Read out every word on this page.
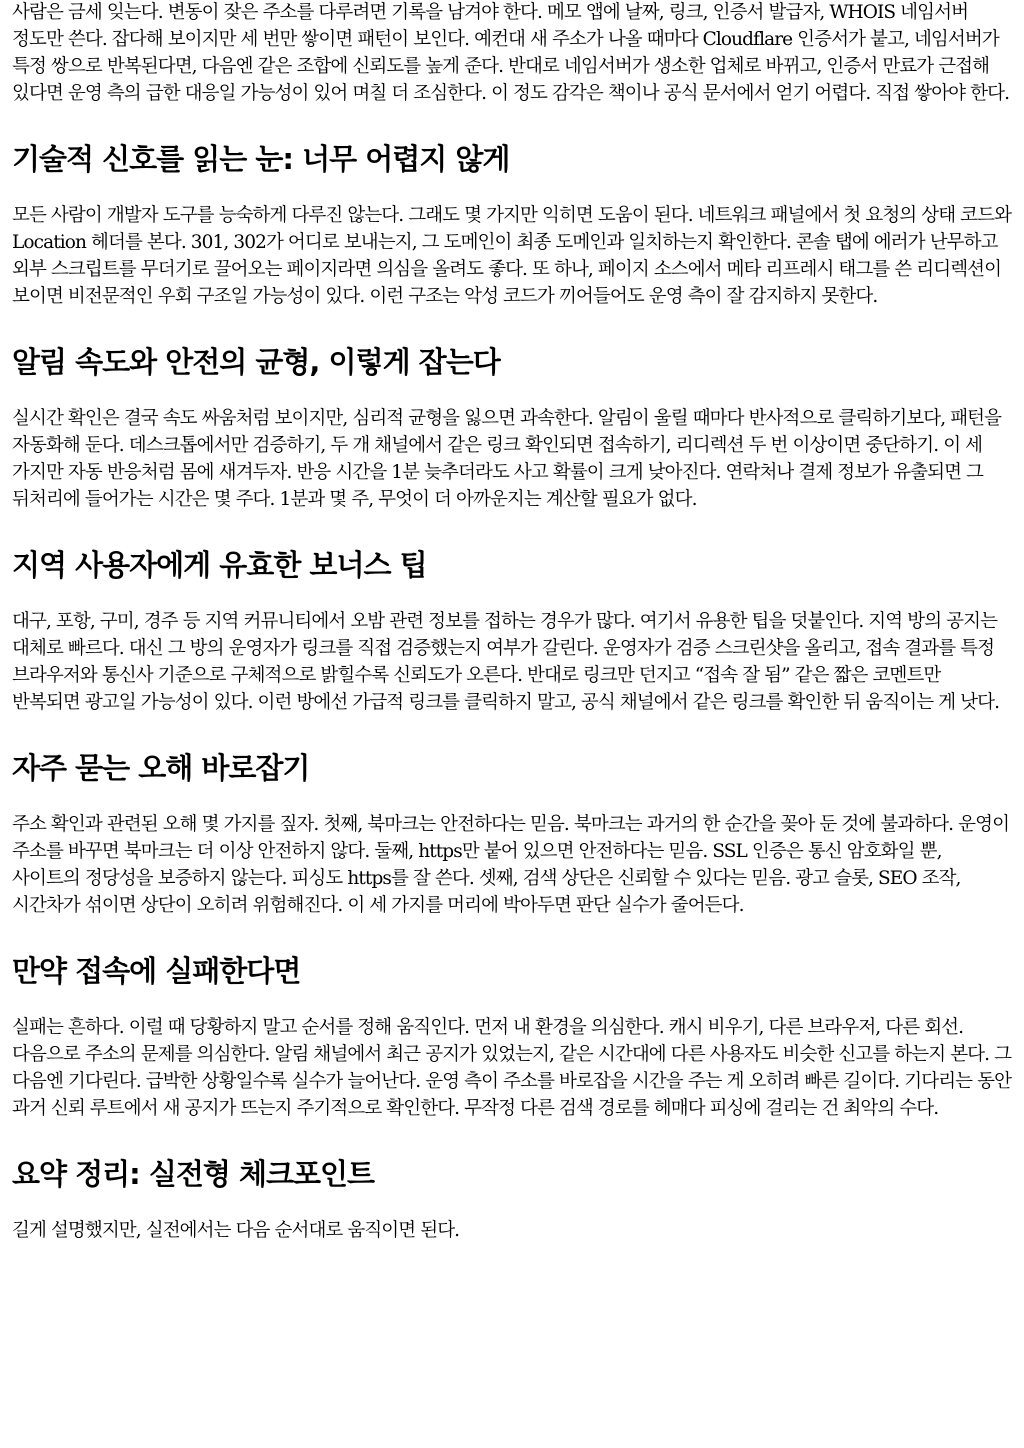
사람은 금세 잊는다. 변동이 잦은 주소를 다루려면 기록을 남겨야 한다. 메모 앱에 날짜, 링크, 인증서 발급자, WHOIS 네임서버 정도만 쓴다. 잡다해 보이지만 세 번만 쌓이면 패턴이 보인다. 예컨대 새 주소가 나올 때마다 Cloudflare 인증서가 붙고, 네임서버가 특정 쌍으로 반복된다면, 다음엔 같은 조합에 신뢰도를 높게 준다. 반대로 네임서버가 생소한 업체로 바뀌고, 인증서 만료가 근접해 있다면 운영 측의 급한 대응일 가능성이 있어 며칠 더 조심한다. 이 정도 감각은 책이나 공식 문서에서 얻기 어렵다. 직접 쌓아야 한다.

기술적 신호를 읽는 눈: 너무 어렵지 않게

모든 사람이 개발자 도구를 능숙하게 다루진 않는다. 그래도 몇 가지만 익히면 도움이 된다. 네트워크 패널에서 첫 요청의 상태 코드와 Location 헤더를 본다. 301, 302가 어디로 보내는지, 그 도메인이 최종 도메인과 일치하는지 확인한다. 콘솔 탭에 에러가 난무하고 외부 스크립트를 무더기로 끌어오는 페이지라면 의심을 올려도 좋다. 또 하나, 페이지 소스에서 메타 리프레시 태그를 쓴 리디렉션이 보이면 비전문적인 우회 구조일 가능성이 있다. 이런 구조는 악성 코드가 끼어들어도 운영 측이 잘 감지하지 못한다.

알림 속도와 안전의 균형, 이렇게 잡는다

실시간 확인은 결국 속도 싸움처럼 보이지만, 심리적 균형을 잃으면 과속한다. 알림이 울릴 때마다 반사적으로 클릭하기보다, 패턴을 자동화해 둔다. 데스크톱에서만 검증하기, 두 개 채널에서 같은 링크 확인되면 접속하기, 리디렉션 두 번 이상이면 중단하기. 이 세 가지만 자동 반응처럼 몸에 새겨두자. 반응 시간을 1분 늦추더라도 사고 확률이 크게 낮아진다. 연락처나 결제 정보가 유출되면 그 뒤처리에 들어가는 시간은 몇 주다. 1분과 몇 주, 무엇이 더 아까운지는 계산할 필요가 없다.

지역 사용자에게 유효한 보너스 팁

대구, 포항, 구미, 경주 등 지역 커뮤니티에서 오밤 관련 정보를 접하는 경우가 많다. 여기서 유용한 팁을 덧붙인다. 지역 방의 공지는 대체로 빠르다. 대신 그 방의 운영자가 링크를 직접 검증했는지 여부가 갈린다. 운영자가 검증 스크린샷을 올리고, 접속 결과를 특정 브라우저와 통신사 기준으로 구체적으로 밝힐수록 신뢰도가 오른다. 반대로 링크만 던지고 “접속 잘 됨” 같은 짧은 코멘트만 반복되면 광고일 가능성이 있다. 이런 방에선 가급적 링크를 클릭하지 말고, 공식 채널에서 같은 링크를 확인한 뒤 움직이는 게 낫다.

자주 묻는 오해 바로잡기

주소 확인과 관련된 오해 몇 가지를 짚자. 첫째, 북마크는 안전하다는 믿음. 북마크는 과거의 한 순간을 꽂아 둔 것에 불과하다. 운영이 주소를 바꾸면 북마크는 더 이상 안전하지 않다. 둘째, https만 붙어 있으면 안전하다는 믿음. SSL 인증은 통신 암호화일 뿐, 사이트의 정당성을 보증하지 않는다. 피싱도 https를 잘 쓴다. 셋째, 검색 상단은 신뢰할 수 있다는 믿음. 광고 슬롯, SEO 조작, 시간차가 섞이면 상단이 오히려 위험해진다. 이 세 가지를 머리에 박아두면 판단 실수가 줄어든다.

만약 접속에 실패한다면

실패는 흔하다. 이럴 때 당황하지 말고 순서를 정해 움직인다. 먼저 내 환경을 의심한다. 캐시 비우기, 다른 브라우저, 다른 회선. 다음으로 주소의 문제를 의심한다. 알림 채널에서 최근 공지가 있었는지, 같은 시간대에 다른 사용자도 비슷한 신고를 하는지 본다. 그 다음엔 기다린다. 급박한 상황일수록 실수가 늘어난다. 운영 측이 주소를 바로잡을 시간을 주는 게 오히려 빠른 길이다. 기다리는 동안 과거 신뢰 루트에서 새 공지가 뜨는지 주기적으로 확인한다. 무작정 다른 검색 경로를 헤매다 피싱에 걸리는 건 최악의 수다.

요약 정리: 실전형 체크포인트

길게 설명했지만, 실전에서는 다음 순서대로 움직이면 된다.
